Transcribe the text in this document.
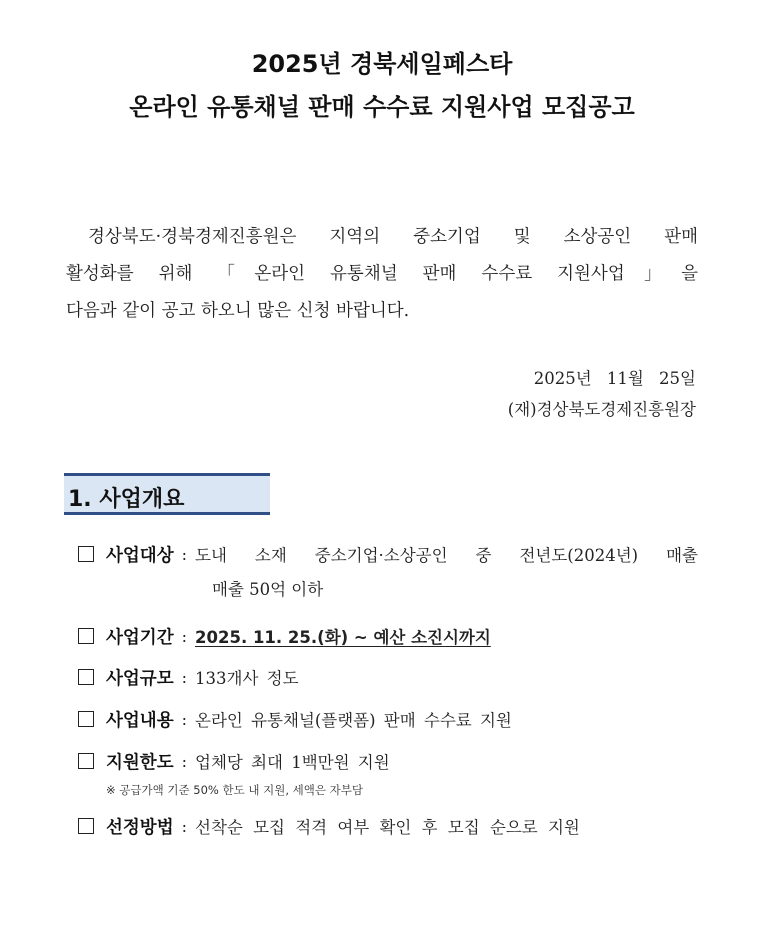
2025년 경북세일페스타
온라인 유통채널 판매 수수료 지원사업 모집공고
경상북도·경북경제진흥원은 지역의 중소기업 및 소상공인 판매
활성화를 위해 「온라인 유통채널 판매 수수료 지원사업」을
다음과 같이 공고 하오니 많은 신청 바랍니다.
2025년 11월 25일
(재)경상북도경제진흥원장
1. 사업개요
사업대상 : 도내 소재 중소기업·소상공인 중 전년도(2024년) 매출
매출 50억 이하
사업기간 : 2025. 11. 25.(화) ~ 예산 소진시까지
사업규모 : 133개사 정도
사업내용 : 온라인 유통채널(플랫폼) 판매 수수료 지원
지원한도 : 업체당 최대 1백만원 지원
※ 공급가액 기준 50% 한도 내 지원, 세액은 자부담
선정방법 : 선착순 모집 적격 여부 확인 후 모집 순으로 지원
